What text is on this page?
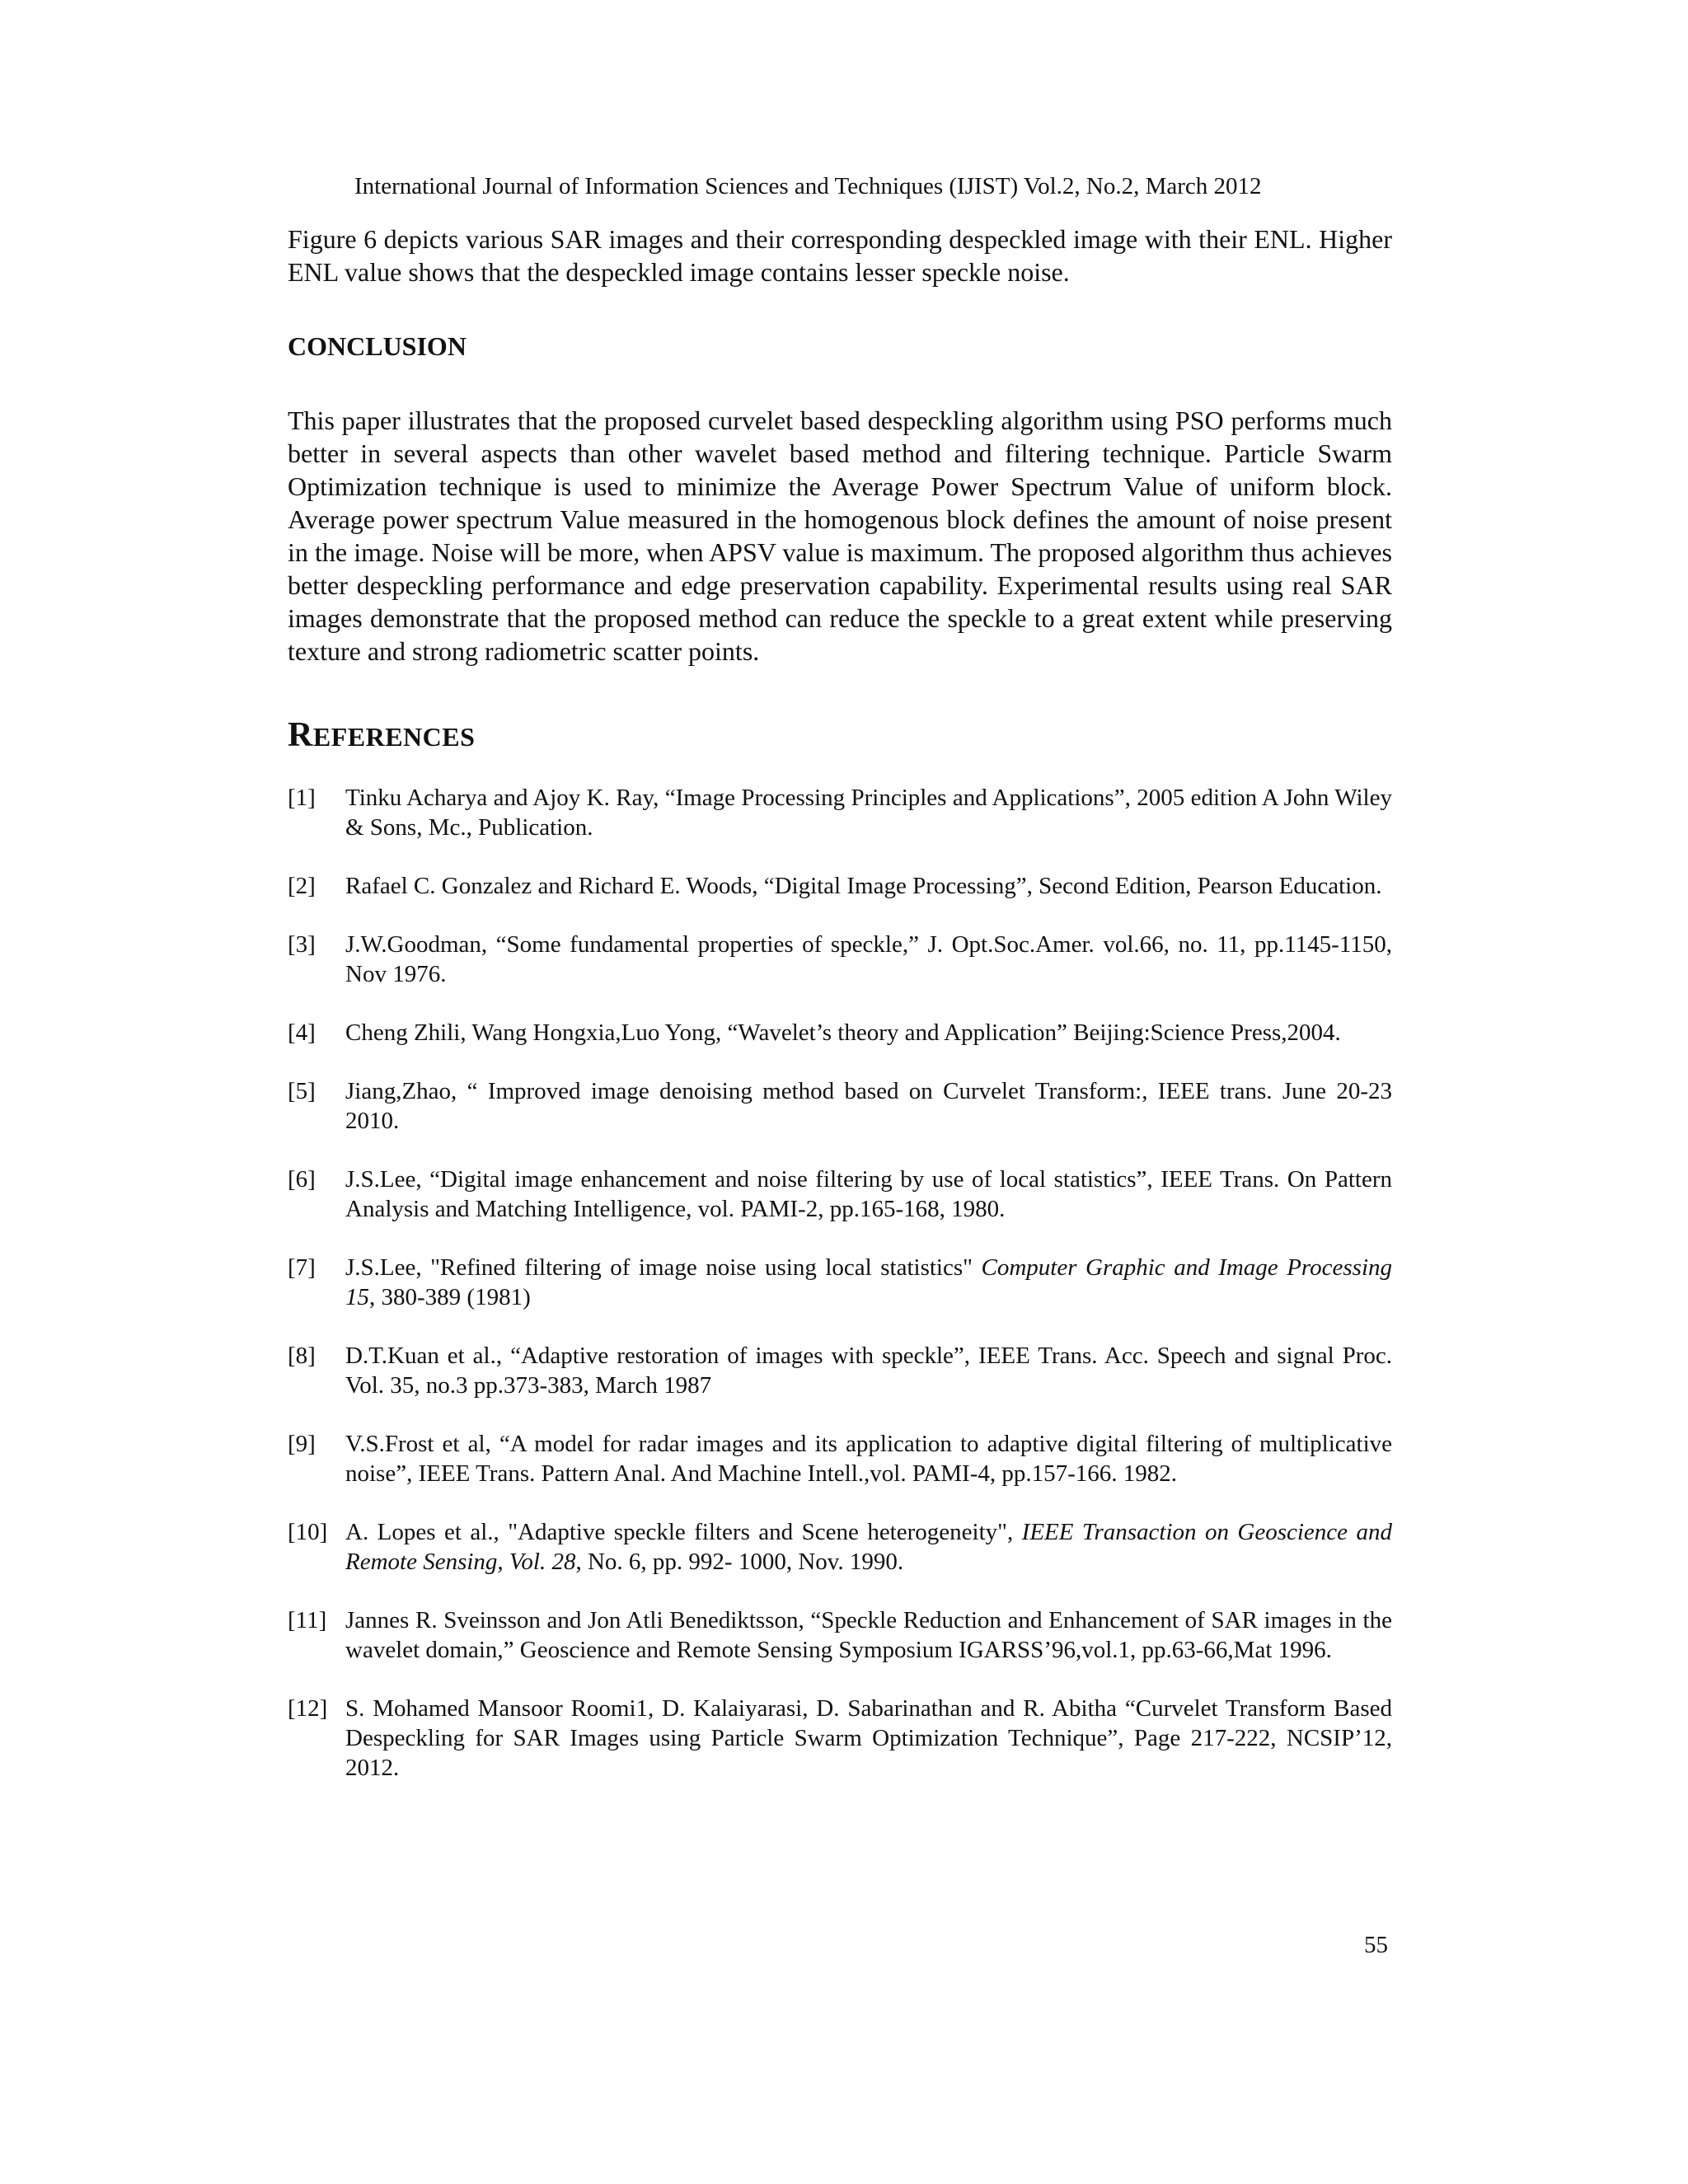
International Journal of Information Sciences and Techniques (IJIST) Vol.2, No.2, March 2012

Figure 6 depicts various SAR images and their corresponding despeckled image with their ENL. Higher ENL value shows that the despeckled image contains lesser speckle noise.

CONCLUSION

This paper illustrates that the proposed curvelet based despeckling algorithm using PSO performs much better in several aspects than other wavelet based method and filtering technique. Particle Swarm Optimization technique is used to minimize the Average Power Spectrum Value of uniform block. Average power spectrum Value measured in the homogenous block defines the amount of noise present in the image. Noise will be more, when APSV value is maximum. The proposed algorithm thus achieves better despeckling performance and edge preservation capability. Experimental results using real SAR images demonstrate that the proposed method can reduce the speckle to a great extent while preserving texture and strong radiometric scatter points.

REFERENCES
[1] Tinku Acharya and Ajoy K. Ray, “Image Processing Principles and Applications”, 2005 edition A John Wiley & Sons, Mc., Publication.
[2] Rafael C. Gonzalez and Richard E. Woods, “Digital Image Processing”, Second Edition, Pearson Education.
[3] J.W.Goodman, “Some fundamental properties of speckle,” J. Opt.Soc.Amer. vol.66, no. 11, pp.1145-1150, Nov 1976.
[4] Cheng Zhili, Wang Hongxia,Luo Yong, “Wavelet’s theory and Application” Beijing:Science Press,2004.
[5] Jiang,Zhao, “ Improved image denoising method based on Curvelet Transform:, IEEE trans. June 20-23 2010.
[6] J.S.Lee, “Digital image enhancement and noise filtering by use of local statistics”, IEEE Trans. On Pattern Analysis and Matching Intelligence, vol. PAMI-2, pp.165-168, 1980.
[7] J.S.Lee, "Refined filtering of image noise using local statistics" Computer Graphic and Image Processing 15, 380-389 (1981)
[8] D.T.Kuan et al., “Adaptive restoration of images with speckle”, IEEE Trans. Acc. Speech and signal Proc. Vol. 35, no.3 pp.373-383, March 1987
[9] V.S.Frost et al, “A model for radar images and its application to adaptive digital filtering of multiplicative noise”, IEEE Trans. Pattern Anal. And Machine Intell.,vol. PAMI-4, pp.157-166. 1982.
[10] A. Lopes et al., "Adaptive speckle filters and Scene heterogeneity", IEEE Transaction on Geoscience and Remote Sensing, Vol. 28, No. 6, pp. 992- 1000, Nov. 1990.
[11] Jannes R. Sveinsson and Jon Atli Benediktsson, “Speckle Reduction and Enhancement of SAR images in the wavelet domain,” Geoscience and Remote Sensing Symposium IGARSS’96,vol.1, pp.63-66,Mat 1996.
[12] S. Mohamed Mansoor Roomi1, D. Kalaiyarasi, D. Sabarinathan and R. Abitha “Curvelet Transform Based Despeckling for SAR Images using Particle Swarm Optimization Technique”, Page 217-222, NCSIP’12, 2012.
55
